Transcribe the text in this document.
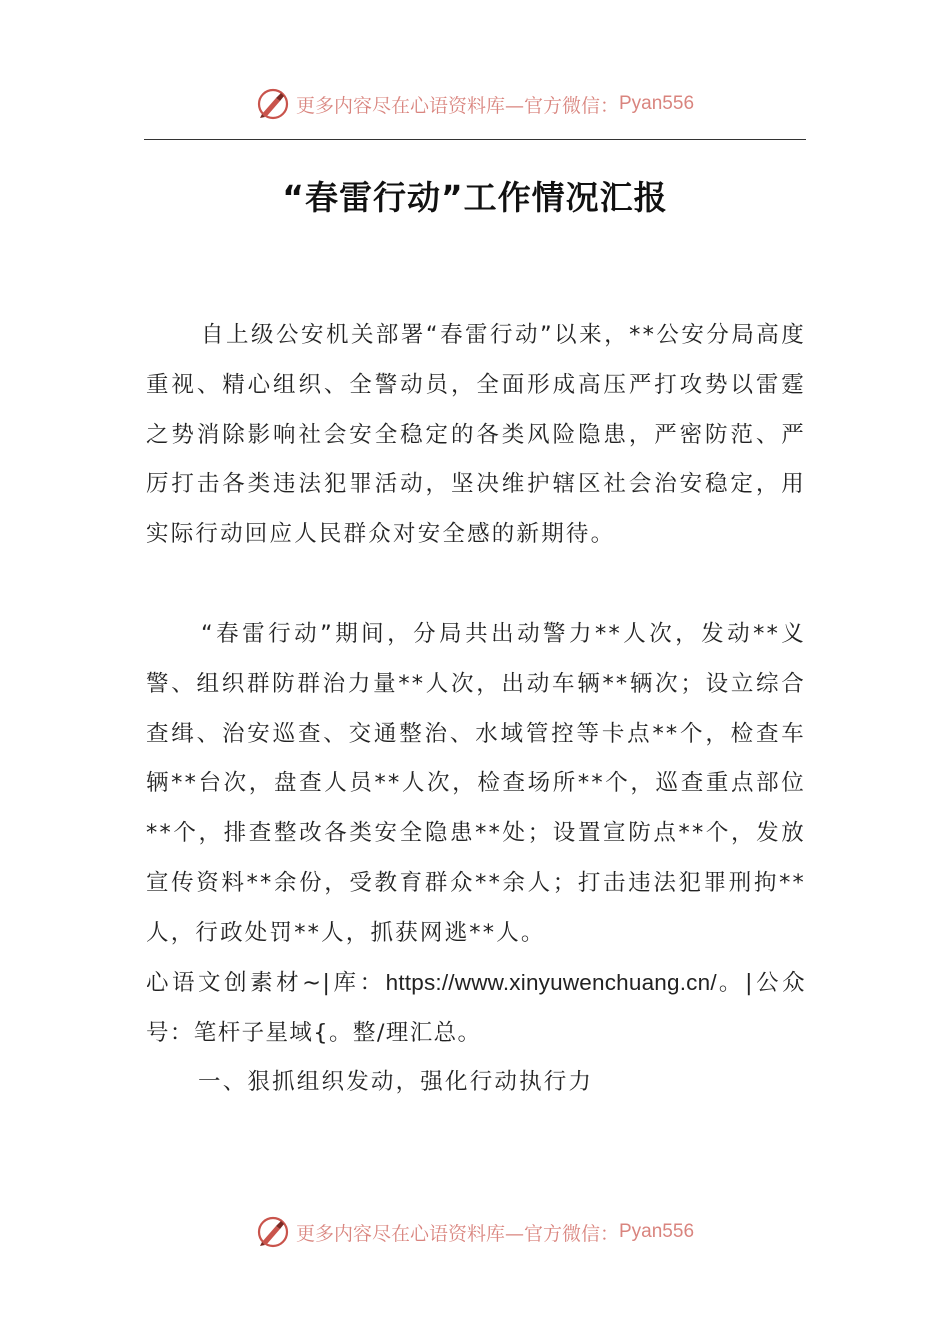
更多内容尽在心语资料库—官方微信： Pyan556
“春雷行动”工作情况汇报

自上级公安机关部署“春雷行动”以来，**公安分局高度重视、精心组织、全警动员，全面形成高压严打攻势以雷霆之势消除影响社会安全稳定的各类风险隐患，严密防范、严厉打击各类违法犯罪活动，坚决维护辖区社会治安稳定，用实际行动回应人民群众对安全感的新期待。

“春雷行动”期间，分局共出动警力**人次，发动**义警、组织群防群治力量**人次，出动车辆**辆次；设立综合查缉、治安巡查、交通整治、水域管控等卡点**个，检查车辆**台次，盘查人员**人次，检查场所**个，巡查重点部位**个，排查整改各类安全隐患**处；设置宣防点**个，发放宣传资料**余份，受教育群众**余人；打击违法犯罪刑拘**人，行政处罚**人，抓获网逃**人。

心语文创素材~|库：https://www.xinyuwenchuang.cn/。|公众号：笔杆子星域{。整/理汇总。

一、狠抓组织发动，强化行动执行力

更多内容尽在心语资料库—官方微信： Pyan556
